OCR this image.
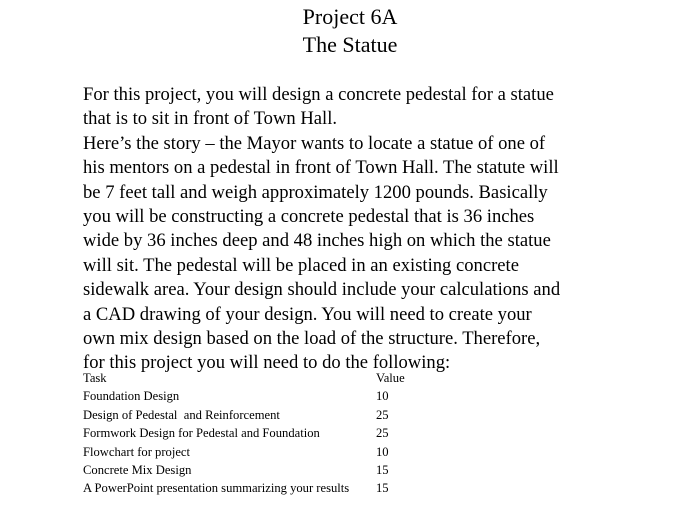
Project 6A
The Statue

For this project, you will design a concrete pedestal for a statue

that is to sit in front of Town Hall.

Here’s the story – the Mayor wants to locate a statue of one of

his mentors on a pedestal in front of Town Hall. The statute will

be 7 feet tall and weigh approximately 1200 pounds. Basically

you will be constructing a concrete pedestal that is 36 inches

wide by 36 inches deep and 48 inches high on which the statue

will sit. The pedestal will be placed in an existing concrete

sidewalk area. Your design should include your calculations and

a CAD drawing of your design. You will need to create your

own mix design based on the load of the structure. Therefore,

for this project you will need to do the following:

Task	Value
Foundation Design	10
Design of Pedestal  and Reinforcement	25
Formwork Design for Pedestal and Foundation	25
Flowchart for project	10
Concrete Mix Design	15
A PowerPoint presentation summarizing your results	15
